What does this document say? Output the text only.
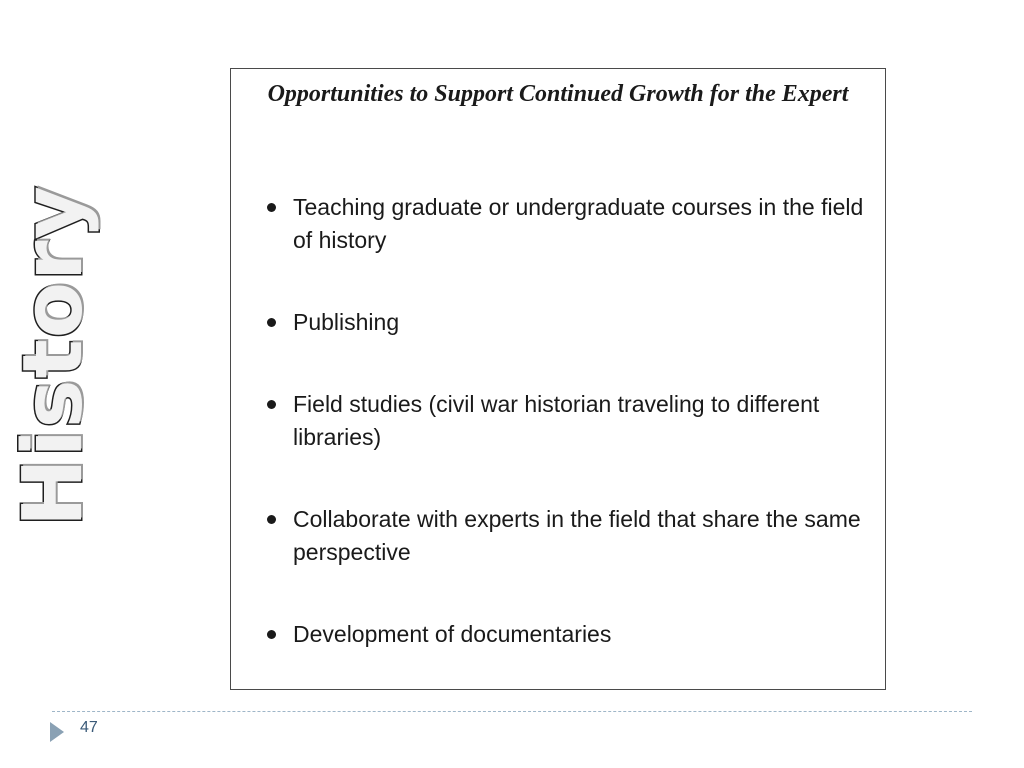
History
Opportunities to Support Continued Growth for the Expert
Teaching graduate or undergraduate courses in the field of history
Publishing
Field studies (civil war historian traveling to different libraries)
Collaborate with experts in the field that share the same perspective
Development of documentaries
47
